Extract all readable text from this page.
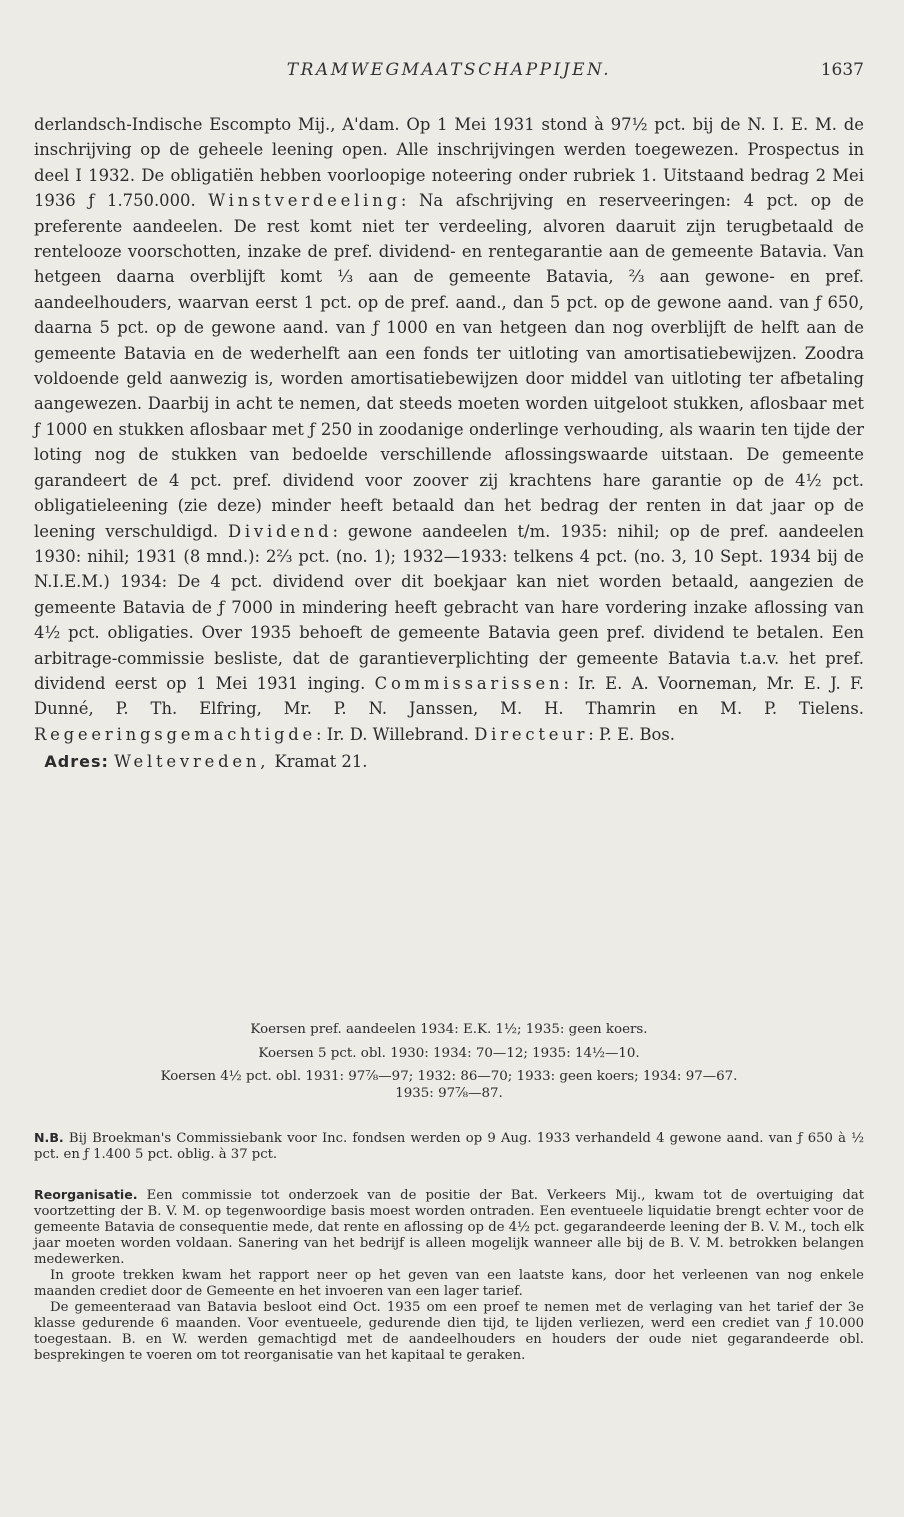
TRAMWEGMAATSCHAPPIJEN.	1637

derlandsch-Indische Escompto Mij., A'dam. Op 1 Mei 1931 stond à 97½ pct. bij de N. I. E. M. de inschrijving op de geheele leening open. Alle inschrijvingen werden toegewezen. Prospectus in deel I 1932. De obligatiën hebben voorloopige noteering onder rubriek 1. Uitstaand bedrag 2 Mei 1936 ƒ 1.750.000. Winstverdeeling: Na afschrijving en reserveeringen: 4 pct. op de preferente aandeelen. De rest komt niet ter verdeeling, alvoren daaruit zijn terugbetaald de rentelooze voorschotten, inzake de pref. dividend- en rentegarantie aan de gemeente Batavia. Van hetgeen daarna overblijft komt ⅓ aan de gemeente Batavia, ⅔ aan gewone- en pref. aandeelhouders, waarvan eerst 1 pct. op de pref. aand., dan 5 pct. op de gewone aand. van ƒ 650, daarna 5 pct. op de gewone aand. van ƒ 1000 en van hetgeen dan nog overblijft de helft aan de gemeente Batavia en de wederhelft aan een fonds ter uitloting van amortisatiebewijzen. Zoodra voldoende geld aanwezig is, worden amortisatiebewijzen door middel van uitloting ter afbetaling aangewezen. Daarbij in acht te nemen, dat steeds moeten worden uitgeloot stukken, aflosbaar met ƒ 1000 en stukken aflosbaar met ƒ 250 in zoodanige onderlinge verhouding, als waarin ten tijde der loting nog de stukken van bedoelde verschillende aflossingswaarde uitstaan. De gemeente garandeert de 4 pct. pref. dividend voor zoover zij krachtens hare garantie op de 4½ pct. obligatieleening (zie deze) minder heeft betaald dan het bedrag der renten in dat jaar op de leening verschuldigd. Dividend: gewone aandeelen t/m. 1935: nihil; op de pref. aandeelen 1930: nihil; 1931 (8 mnd.): 2⅔ pct. (no. 1); 1932—1933: telkens 4 pct. (no. 3, 10 Sept. 1934 bij de N.I.E.M.) 1934: De 4 pct. dividend over dit boekjaar kan niet worden betaald, aangezien de gemeente Batavia de ƒ 7000 in mindering heeft gebracht van hare vordering inzake aflossing van 4½ pct. obligaties. Over 1935 behoeft de gemeente Batavia geen pref. dividend te betalen. Een arbitrage-commissie besliste, dat de garantieverplichting der gemeente Batavia t.a.v. het pref. dividend eerst op 1 Mei 1931 inging. Commissarissen: Ir. E. A. Voorneman, Mr. E. J. F. Dunné, P. Th. Elfring, Mr. P. N. Janssen, M. H. Thamrin en M. P. Tielens. Regeeringsgemachtigde: Ir. D. Willebrand. Directeur: P. E. Bos.

Adres: Weltevreden, Kramat 21.

Koersen pref. aandeelen 1934: E.K. 1½; 1935: geen koers.

Koersen 5 pct. obl. 1930: 1934: 70—12; 1935: 14½—10.

Koersen 4½ pct. obl. 1931: 97⅞—97; 1932: 86—70; 1933: geen koers; 1934: 97—67.

1935: 97⅞—87.

N.B. Bij Broekman's Commissiebank voor Inc. fondsen werden op 9 Aug. 1933 verhandeld 4 gewone aand. van ƒ 650 à ½ pct. en ƒ 1.400 5 pct. oblig. à 37 pct.

Reorganisatie. Een commissie tot onderzoek van de positie der Bat. Verkeers Mij., kwam tot de overtuiging dat voortzetting der B. V. M. op tegenwoordige basis moest worden ontraden. Een eventueele liquidatie brengt echter voor de gemeente Batavia de consequentie mede, dat rente en aflossing op de 4½ pct. gegarandeerde leening der B. V. M., toch elk jaar moeten worden voldaan. Sanering van het bedrijf is alleen mogelijk wanneer alle bij de B. V. M. betrokken belangen medewerken.

In groote trekken kwam het rapport neer op het geven van een laatste kans, door het verleenen van nog enkele maanden crediet door de Gemeente en het invoeren van een lager tarief.

De gemeenteraad van Batavia besloot eind Oct. 1935 om een proef te nemen met de verlaging van het tarief der 3e klasse gedurende 6 maanden. Voor eventueele, gedurende dien tijd, te lijden verliezen, werd een crediet van ƒ 10.000 toegestaan. B. en W. werden gemachtigd met de aandeelhouders en houders der oude niet gegarandeerde obl. besprekingen te voeren om tot reorganisatie van het kapitaal te geraken.
